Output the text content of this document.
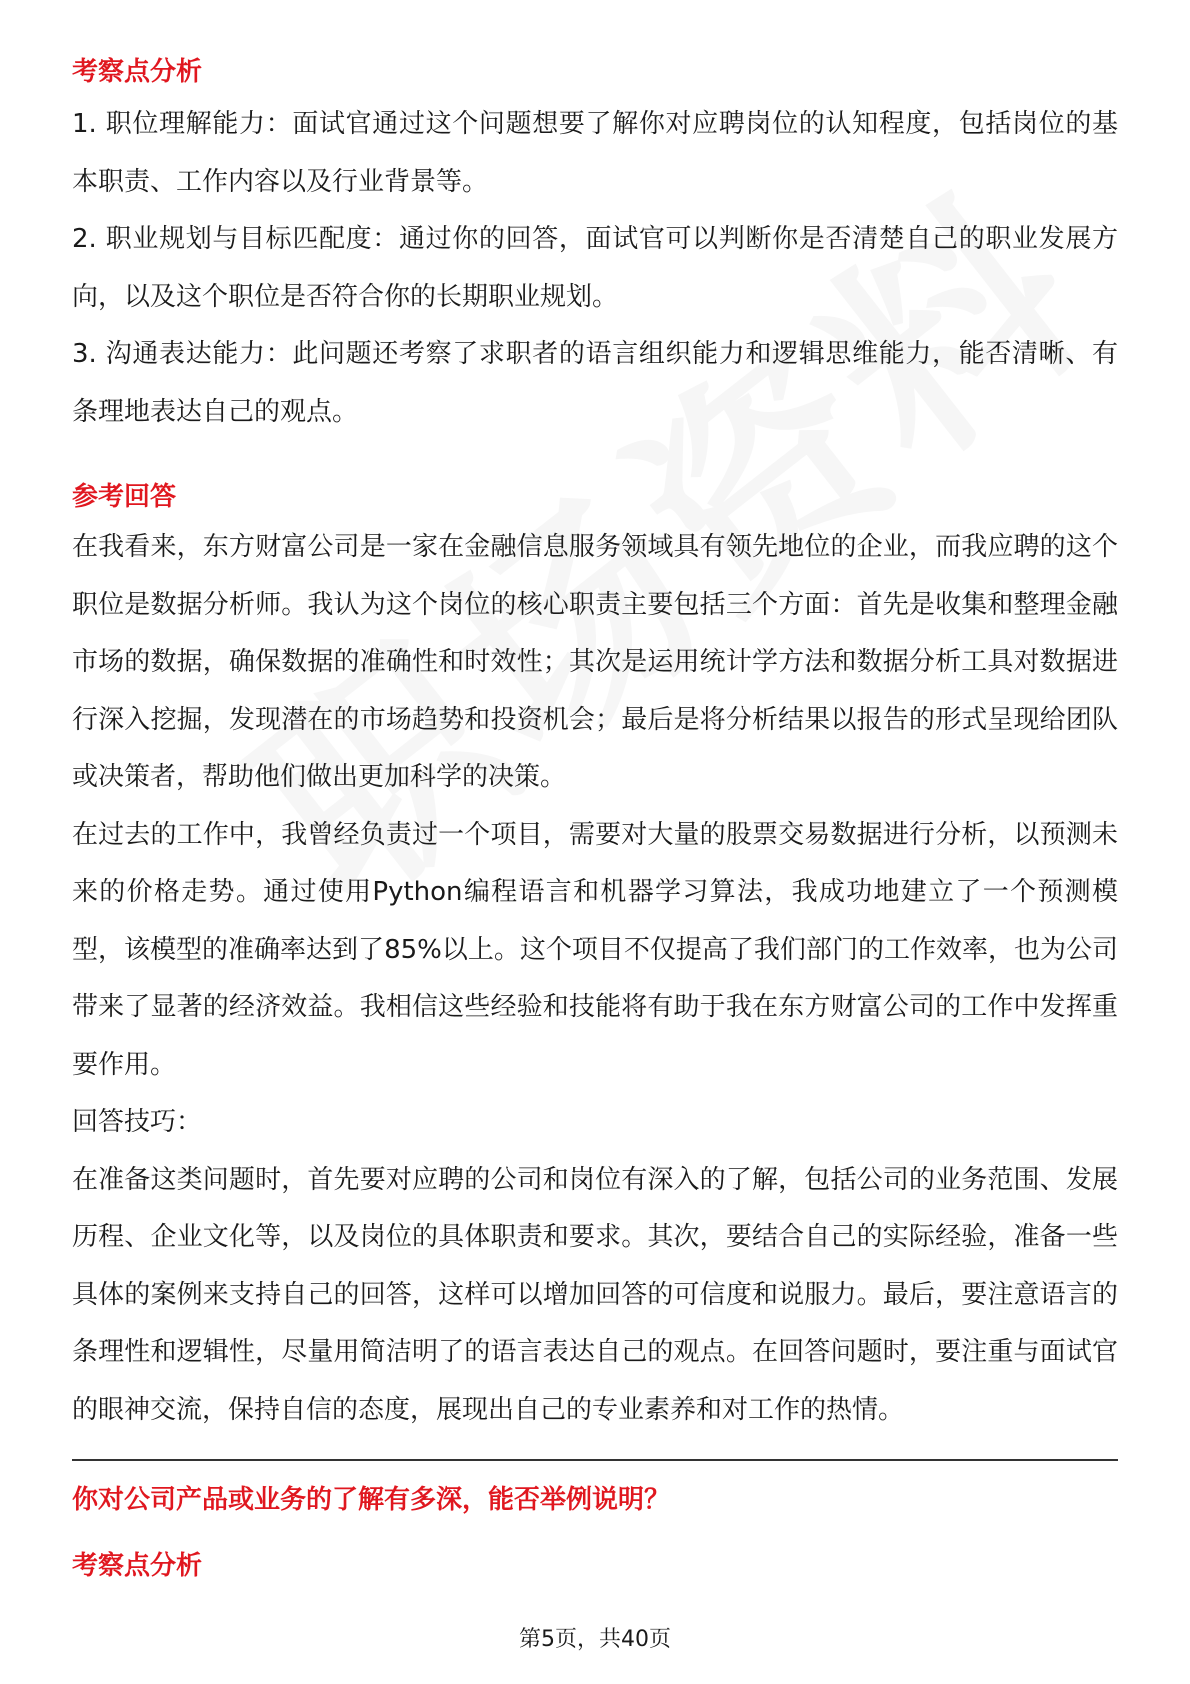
考察点分析

1. 职位理解能力：面试官通过这个问题想要了解你对应聘岗位的认知程度，包括岗位的基本职责、工作内容以及行业背景等。

2. 职业规划与目标匹配度：通过你的回答，面试官可以判断你是否清楚自己的职业发展方向，以及这个职位是否符合你的长期职业规划。

3. 沟通表达能力：此问题还考察了求职者的语言组织能力和逻辑思维能力，能否清晰、有条理地表达自己的观点。

参考回答

在我看来，东方财富公司是一家在金融信息服务领域具有领先地位的企业，而我应聘的这个职位是数据分析师。我认为这个岗位的核心职责主要包括三个方面：首先是收集和整理金融市场的数据，确保数据的准确性和时效性；其次是运用统计学方法和数据分析工具对数据进行深入挖掘，发现潜在的市场趋势和投资机会；最后是将分析结果以报告的形式呈现给团队或决策者，帮助他们做出更加科学的决策。

在过去的工作中，我曾经负责过一个项目，需要对大量的股票交易数据进行分析，以预测未来的价格走势。通过使用Python编程语言和机器学习算法，我成功地建立了一个预测模型，该模型的准确率达到了85%以上。这个项目不仅提高了我们部门的工作效率，也为公司带来了显著的经济效益。我相信这些经验和技能将有助于我在东方财富公司的工作中发挥重要作用。

回答技巧：

在准备这类问题时，首先要对应聘的公司和岗位有深入的了解，包括公司的业务范围、发展历程、企业文化等，以及岗位的具体职责和要求。其次，要结合自己的实际经验，准备一些具体的案例来支持自己的回答，这样可以增加回答的可信度和说服力。最后，要注意语言的条理性和逻辑性，尽量用简洁明了的语言表达自己的观点。在回答问题时，要注重与面试官的眼神交流，保持自信的态度，展现出自己的专业素养和对工作的热情。

你对公司产品或业务的了解有多深，能否举例说明？

考察点分析

第5页，共40页
